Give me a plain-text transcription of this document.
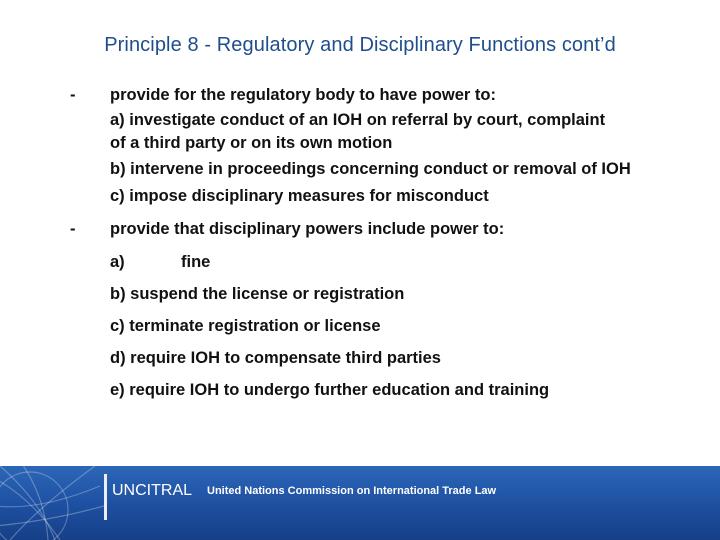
Principle 8 - Regulatory and Disciplinary Functions cont’d
- provide for the regulatory body to have power to:
a) investigate conduct of an IOH on referral by court, complaint
of a third party or on its own motion
b) intervene in proceedings concerning conduct or removal of IOH
c) impose disciplinary measures for misconduct
- provide that disciplinary powers include power to:
a)	fine
b) suspend the license or registration
c) terminate registration or license
d) require IOH to compensate third parties
e) require IOH to undergo further education and training
UNCITRAL United Nations Commission on International Trade Law
